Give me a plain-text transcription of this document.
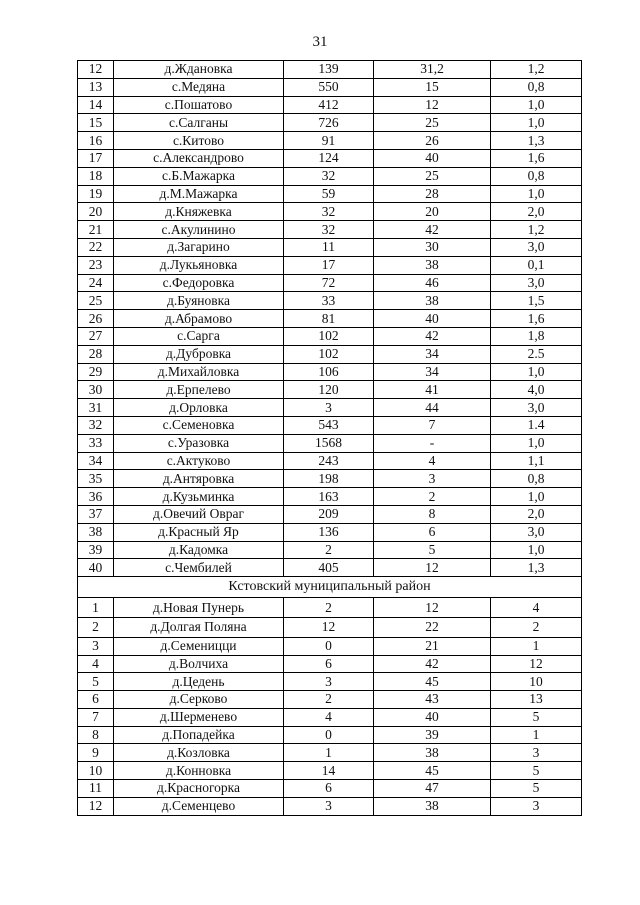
31
12	д.Ждановка	139	31,2	1,2
13	с.Медяна	550	15	0,8
14	с.Пошатово	412	12	1,0
15	с.Салганы	726	25	1,0
16	с.Китово	91	26	1,3
17	с.Александрово	124	40	1,6
18	с.Б.Мажарка	32	25	0,8
19	д.М.Мажарка	59	28	1,0
20	д.Княжевка	32	20	2,0
21	с.Акулинино	32	42	1,2
22	д.Загарино	11	30	3,0
23	д.Лукьяновка	17	38	0,1
24	с.Федоровка	72	46	3,0
25	д.Буяновка	33	38	1,5
26	д.Абрамово	81	40	1,6
27	с.Сарга	102	42	1,8
28	д.Дубровка	102	34	2.5
29	д.Михайловка	106	34	1,0
30	д.Ерпелево	120	41	4,0
31	д.Орловка	3	44	3,0
32	с.Семеновка	543	7	1.4
33	с.Уразовка	1568	-	1,0
34	с.Актуково	243	4	1,1
35	д.Антяровка	198	3	0,8
36	д.Кузьминка	163	2	1,0
37	д.Овечий Овраг	209	8	2,0
38	д.Красный Яр	136	6	3,0
39	д.Кадомка	2	5	1,0
40	с.Чембилей	405	12	1,3
Кстовский муниципальный район				
1	д.Новая Пунерь	2	12	4
2	д.Долгая Поляна	12	22	2
3	д.Семеницци	0	21	1
4	д.Волчиха	6	42	12
5	д.Цедень	3	45	10
6	д.Серково	2	43	13
7	д.Шерменево	4	40	5
8	д.Попадейка	0	39	1
9	д.Козловка	1	38	3
10	д.Конновка	14	45	5
11	д.Красногорка	6	47	5
12	д.Семенцево	3	38	3
